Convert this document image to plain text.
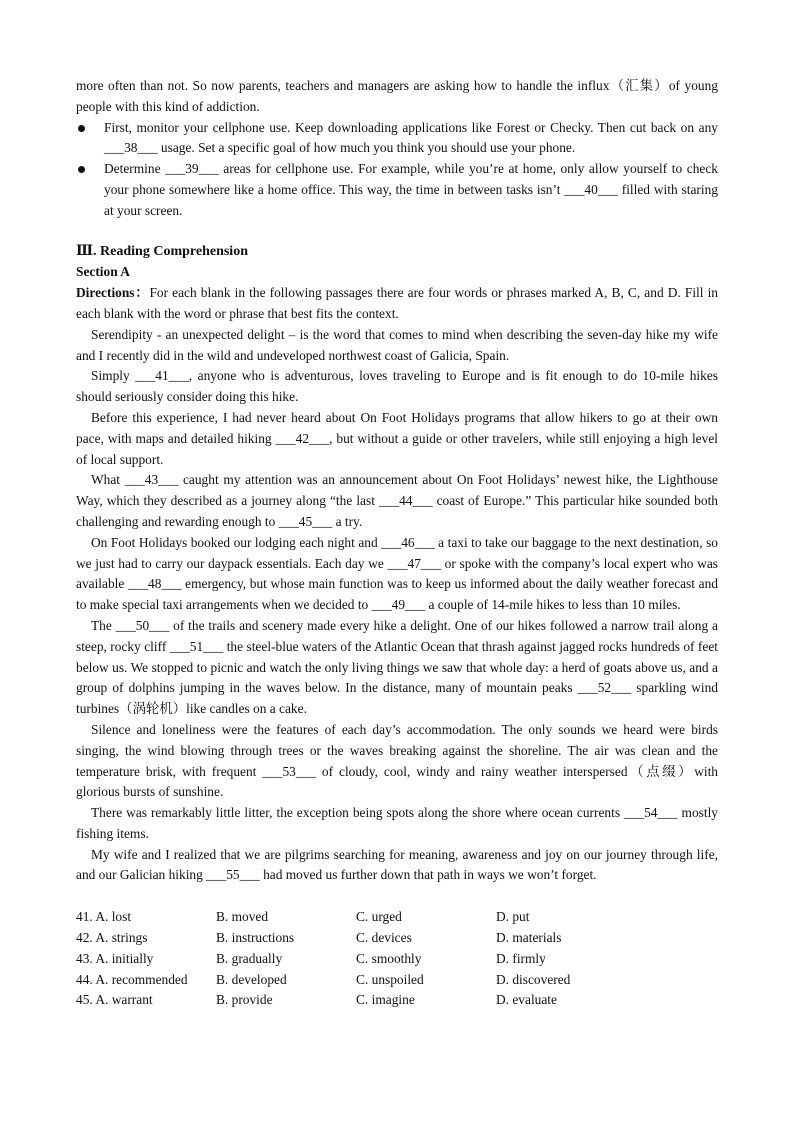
more often than not. So now parents, teachers and managers are asking how to handle the influx（汇集）of young people with this kind of addiction.

First, monitor your cellphone use. Keep downloading applications like Forest or Checky. Then cut back on any ___38___ usage. Set a specific goal of how much you think you should use your phone.
Determine ___39___ areas for cellphone use. For example, while you’re at home, only allow yourself to check your phone somewhere like a home office. This way, the time in between tasks isn’t ___40___ filled with staring at your screen.
Ⅲ. Reading Comprehension
Section A

Directions：For each blank in the following passages there are four words or phrases marked A, B, C, and D. Fill in each blank with the word or phrase that best fits the context.

Serendipity - an unexpected delight – is the word that comes to mind when describing the seven-day hike my wife and I recently did in the wild and undeveloped northwest coast of Galicia, Spain.

Simply ___41___, anyone who is adventurous, loves traveling to Europe and is fit enough to do 10-mile hikes should seriously consider doing this hike.

Before this experience, I had never heard about On Foot Holidays programs that allow hikers to go at their own pace, with maps and detailed hiking ___42___, but without a guide or other travelers, while still enjoying a high level of local support.

What ___43___ caught my attention was an announcement about On Foot Holidays’ newest hike, the Lighthouse Way, which they described as a journey along “the last ___44___ coast of Europe.” This particular hike sounded both challenging and rewarding enough to ___45___ a try.

On Foot Holidays booked our lodging each night and ___46___ a taxi to take our baggage to the next destination, so we just had to carry our daypack essentials. Each day we ___47___ or spoke with the company’s local expert who was available ___48___ emergency, but whose main function was to keep us informed about the daily weather forecast and to make special taxi arrangements when we decided to ___49___ a couple of 14-mile hikes to less than 10 miles.

The ___50___ of the trails and scenery made every hike a delight. One of our hikes followed a narrow trail along a steep, rocky cliff ___51___ the steel-blue waters of the Atlantic Ocean that thrash against jagged rocks hundreds of feet below us. We stopped to picnic and watch the only living things we saw that whole day: a herd of goats above us, and a group of dolphins jumping in the waves below. In the distance, many of mountain peaks ___52___ sparkling wind turbines（涡轮机）like candles on a cake.

Silence and loneliness were the features of each day’s accommodation. The only sounds we heard were birds singing, the wind blowing through trees or the waves breaking against the shoreline. The air was clean and the temperature brisk, with frequent ___53___ of cloudy, cool, windy and rainy weather interspersed（点缀）with glorious bursts of sunshine.

There was remarkably little litter, the exception being spots along the shore where ocean currents ___54___ mostly fishing items.

My wife and I realized that we are pilgrims searching for meaning, awareness and joy on our journey through life, and our Galician hiking ___55___ had moved us further down that path in ways we won’t forget.

41. A. lost	B. moved	C. urged	D. put
42. A. strings	B. instructions	C. devices	D. materials
43. A. initially	B. gradually	C. smoothly	D. firmly
44. A. recommended	B. developed	C. unspoiled	D. discovered
45. A. warrant	B. provide	C. imagine	D. evaluate
